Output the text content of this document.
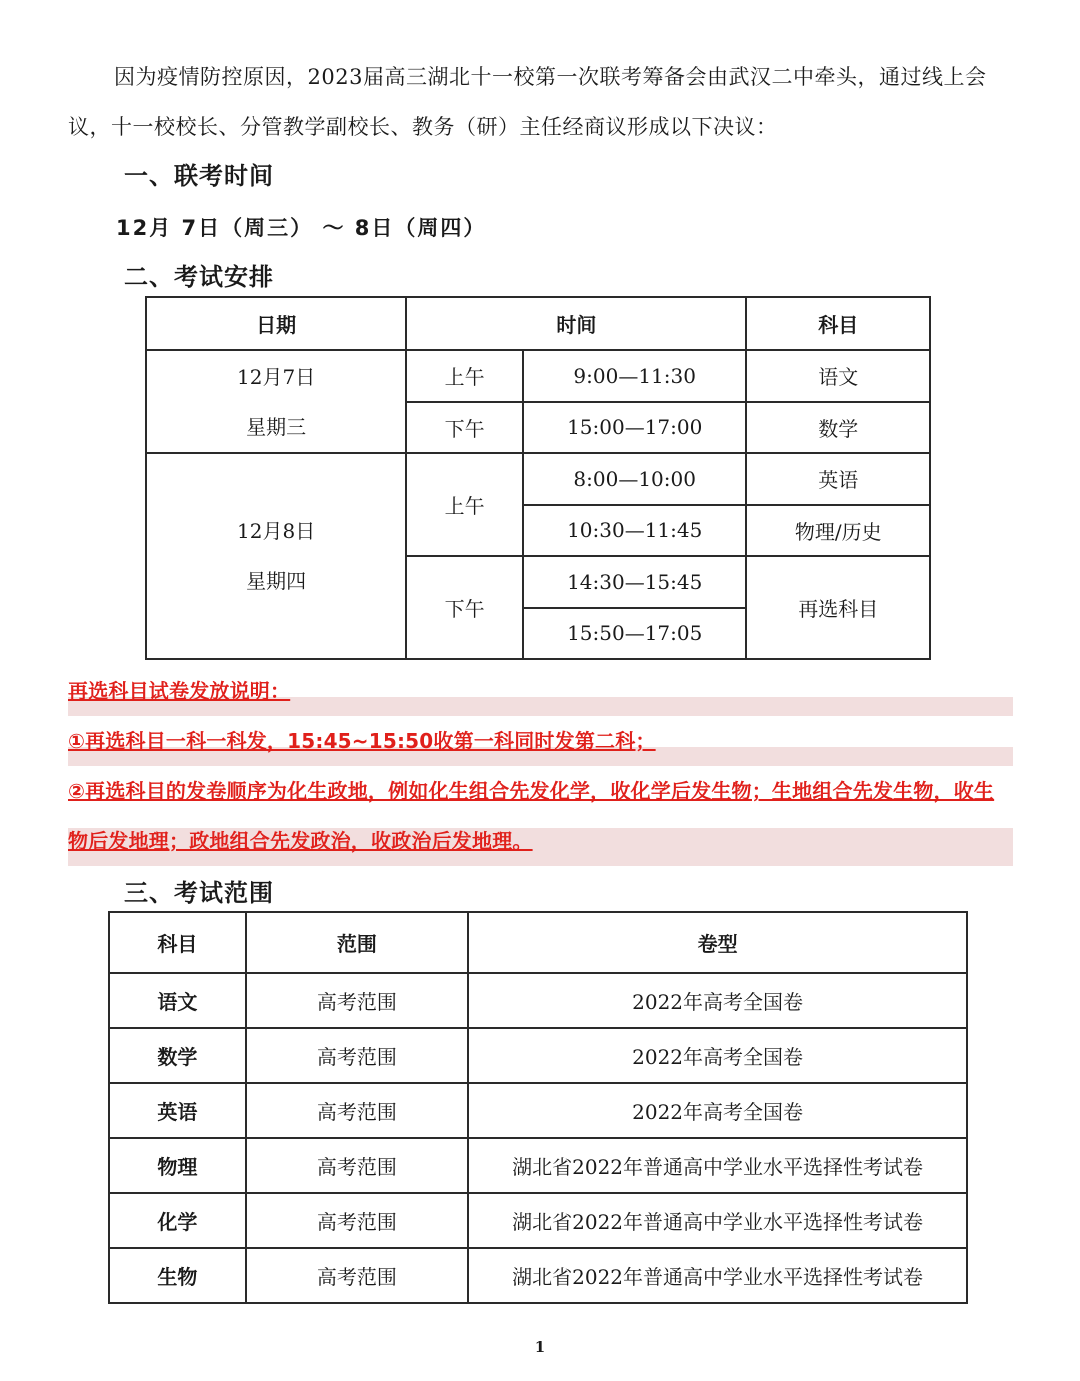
因为疫情防控原因，2023届高三湖北十一校第一次联考筹备会由武汉二中牵头，通过线上会议，十一校校长、分管教学副校长、教务（研）主任经商议形成以下决议：

一、联考时间

12月 7日（周三） ～ 8日（周四）

二、考试安排
日期	时间		科目

12月7日
星期三	上午	9:00—11:30	语文
	下午	15:00—17:00	数学

12月8日
星期四	上午	8:00—10:00	英语
		10:30—11:45	物理/历史
	下午	14:30—15:45	再选科目
		15:50—17:05	

再选科目试卷发放说明：

①再选科目一科一科发，15:45~15:50收第一科同时发第二科；

②再选科目的发卷顺序为化生政地，例如化生组合先发化学，收化学后发生物；生地组合先发生物，收生物后发地理；政地组合先发政治，收政治后发地理。

三、考试范围
科目	范围	卷型
语文	高考范围	2022年高考全国卷
数学	高考范围	2022年高考全国卷
英语	高考范围	2022年高考全国卷
物理	高考范围	湖北省2022年普通高中学业水平选择性考试卷
化学	高考范围	湖北省2022年普通高中学业水平选择性考试卷
生物	高考范围	湖北省2022年普通高中学业水平选择性考试卷

1
